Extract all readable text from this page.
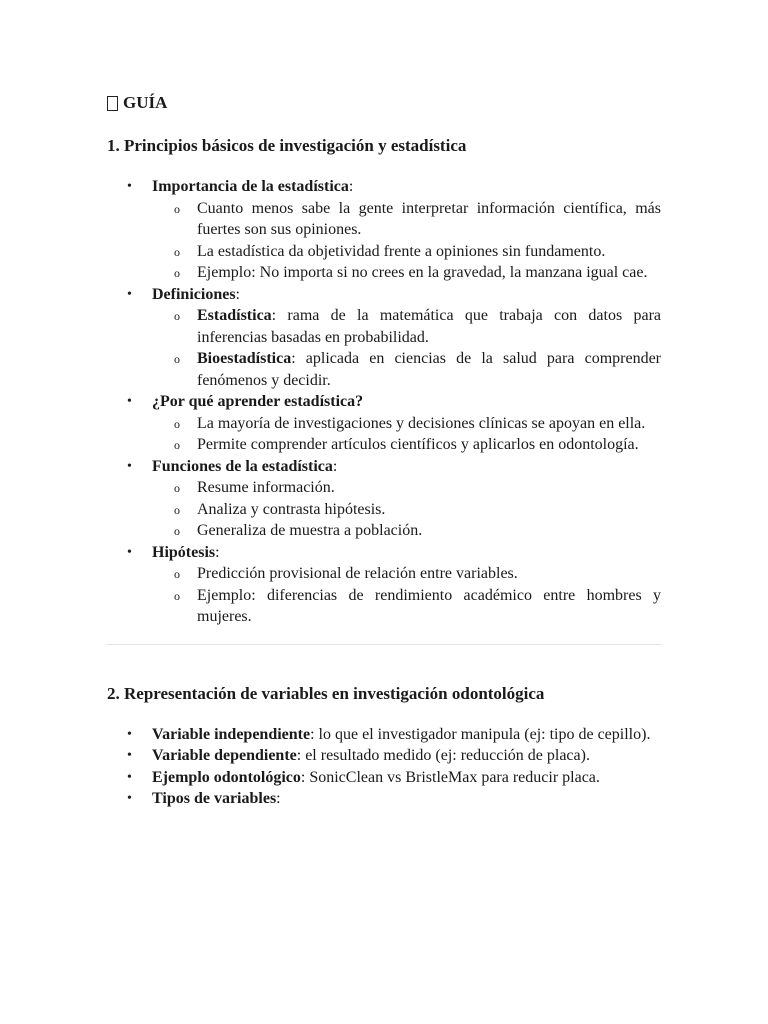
GUÍA
1. Principios básicos de investigación y estadística
• Importancia de la estadística:
o Cuanto menos sabe la gente interpretar información científica, más fuertes son sus opiniones.
o La estadística da objetividad frente a opiniones sin fundamento.
o Ejemplo: No importa si no crees en la gravedad, la manzana igual cae.
• Definiciones:
o Estadística: rama de la matemática que trabaja con datos para inferencias basadas en probabilidad.
o Bioestadística: aplicada en ciencias de la salud para comprender fenómenos y decidir.
• ¿Por qué aprender estadística?
o La mayoría de investigaciones y decisiones clínicas se apoyan en ella.
o Permite comprender artículos científicos y aplicarlos en odontología.
• Funciones de la estadística:
o Resume información.
o Analiza y contrasta hipótesis.
o Generaliza de muestra a población.
• Hipótesis:
o Predicción provisional de relación entre variables.
o Ejemplo: diferencias de rendimiento académico entre hombres y mujeres.
2. Representación de variables en investigación odontológica
• Variable independiente: lo que el investigador manipula (ej: tipo de cepillo).
• Variable dependiente: el resultado medido (ej: reducción de placa).
• Ejemplo odontológico: SonicClean vs BristleMax para reducir placa.
• Tipos de variables:
